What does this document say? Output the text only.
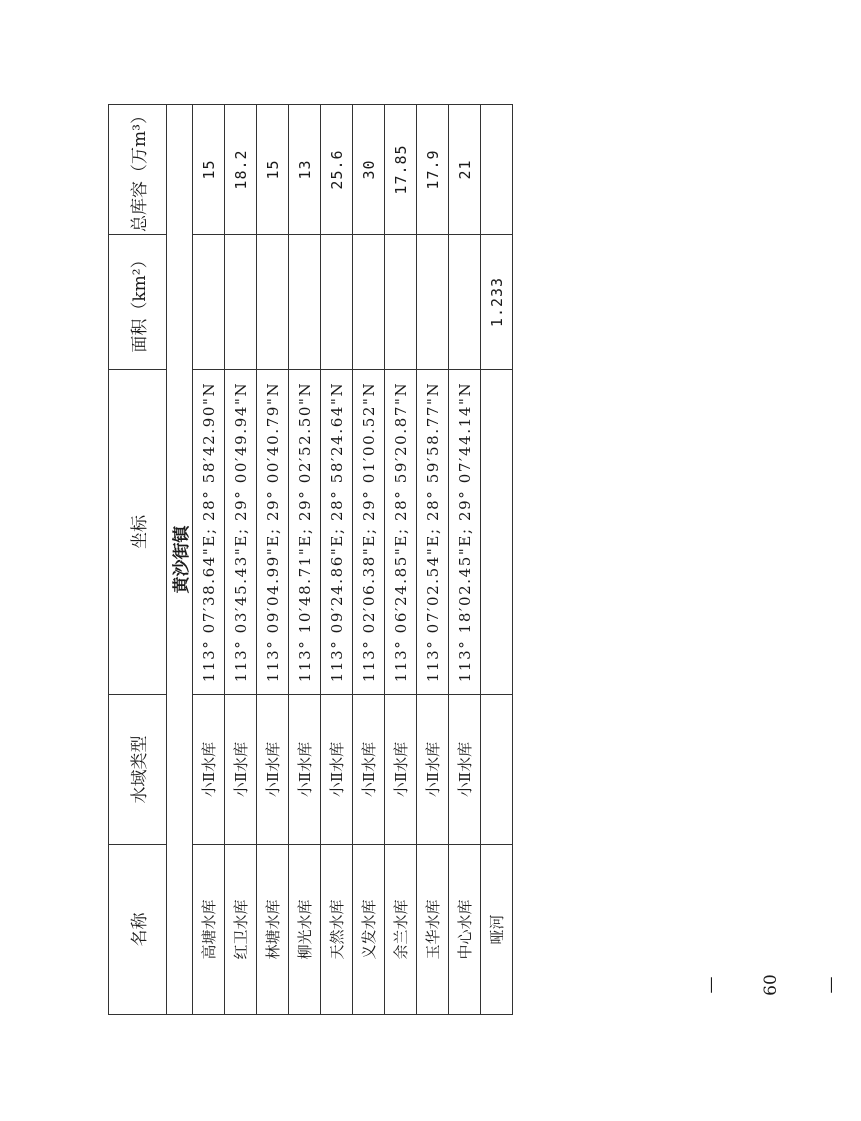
名称	水域类型	坐标	面积（km²）	总库容（万m³）
黄沙街镇				
高塘水库	小Ⅱ水库	113° 07′38.64"E; 28° 58′42.90"N		15
红卫水库	小Ⅱ水库	113° 03′45.43"E; 29° 00′49.94"N		18.2
林塘水库	小Ⅱ水库	113° 09′04.99"E; 29° 00′40.79"N		15
柳光水库	小Ⅱ水库	113° 10′48.71"E; 29° 02′52.50"N		13
天然水库	小Ⅱ水库	113° 09′24.86"E; 28° 58′24.64"N		25.6
义发水库	小Ⅱ水库	113° 02′06.38"E; 29° 01′00.52"N		30
余兰水库	小Ⅱ水库	113° 06′24.85"E; 28° 59′20.87"N		17.85
玉华水库	小Ⅱ水库	113° 07′02.54"E; 28° 59′58.77"N		17.9
中心水库	小Ⅱ水库	113° 18′02.45"E; 29° 07′44.14"N		21
哑河			1.233	
— 60 —
